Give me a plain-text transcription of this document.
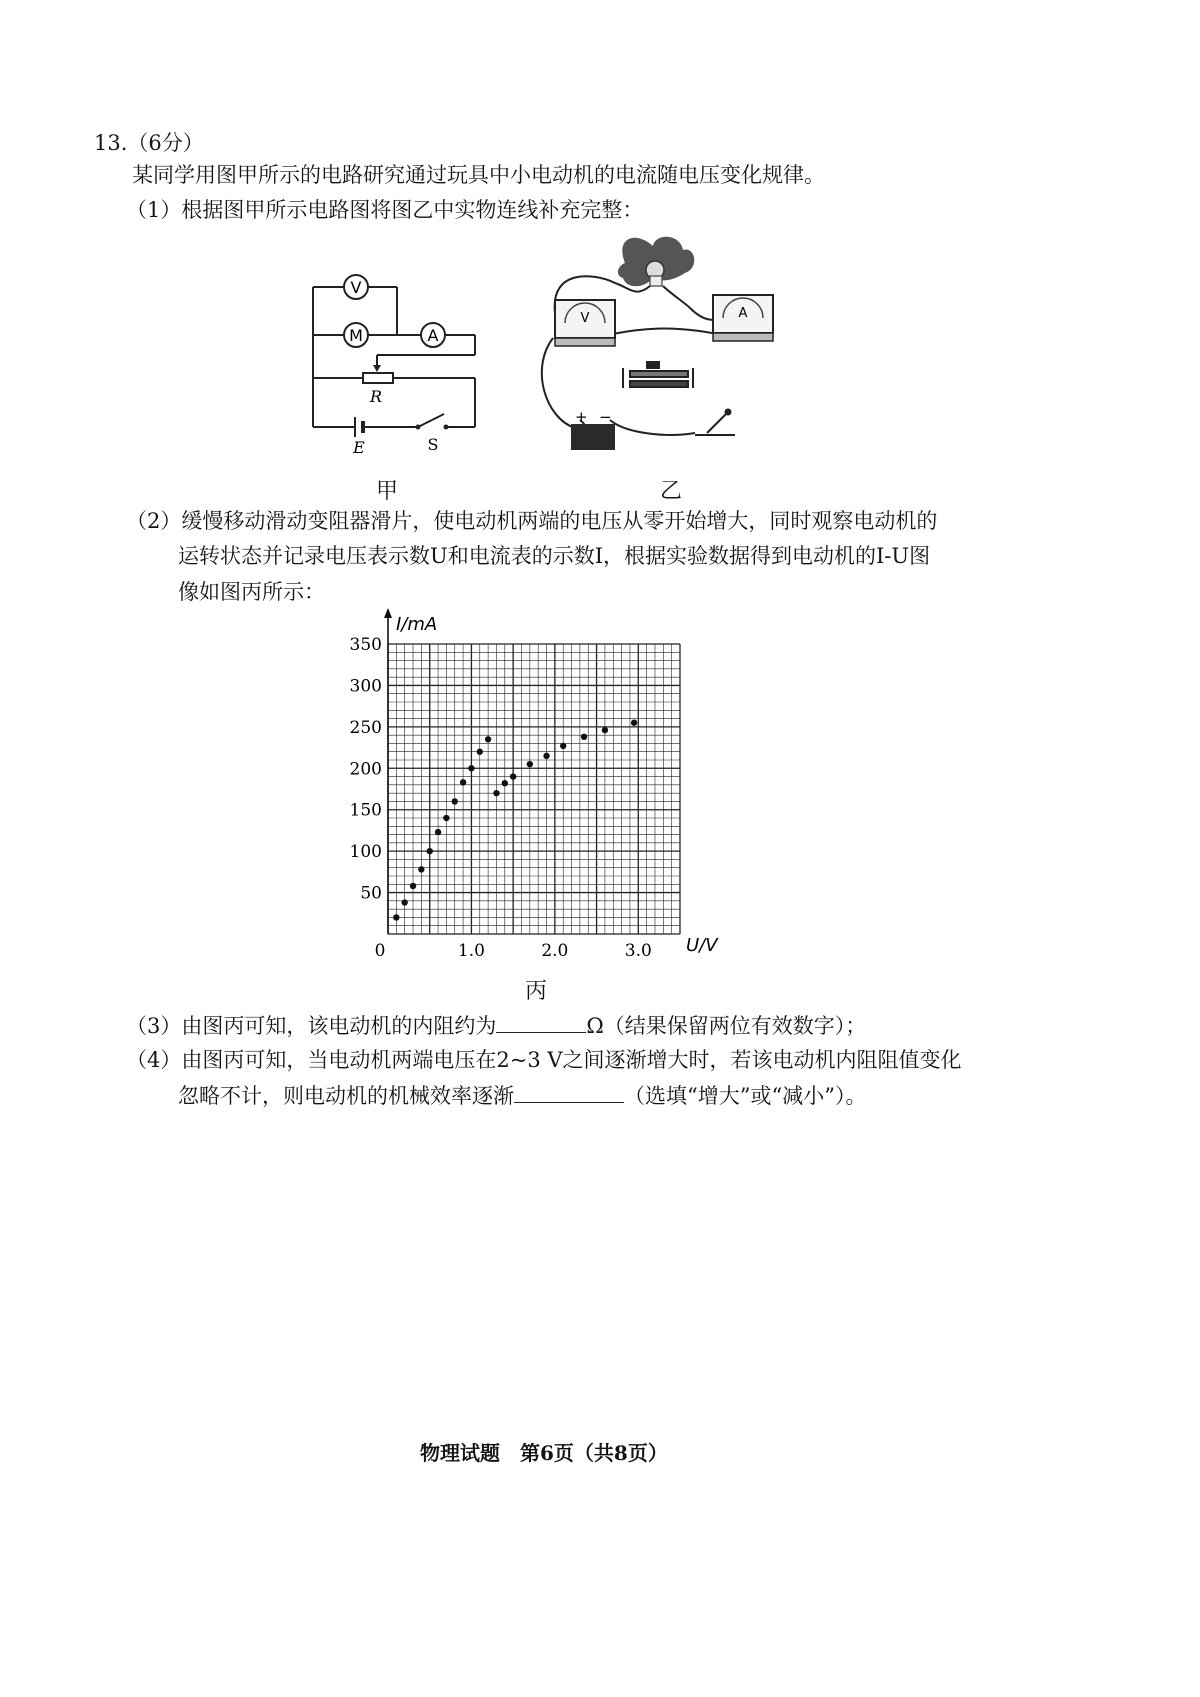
13.（6分）
某同学用图甲所示的电路研究通过玩具中小电动机的电流随电压变化规律。
（1）根据图甲所示电路图将图乙中实物连线补充完整：
V
M	A
R
E	S
甲
V	A
+ −
乙
（2）缓慢移动滑动变阻器滑片，使电动机两端的电压从零开始增大，同时观察电动机的
运转状态并记录电压表示数U和电流表的示数I，根据实验数据得到电动机的I-U图
像如图丙所示：
0	1.0	2.0	3.0
50
100
150
200
250
300
350
I/mA
U/V
丙
（3）由图丙可知，该电动机的内阻约为	Ω（结果保留两位有效数字）；
（4）由图丙可知，当电动机两端电压在2~3 V之间逐渐增大时，若该电动机内阻阻值变化
忽略不计，则电动机的机械效率逐渐	（选填“增大”或“减小”）。
物理试题　第6页（共8页）
